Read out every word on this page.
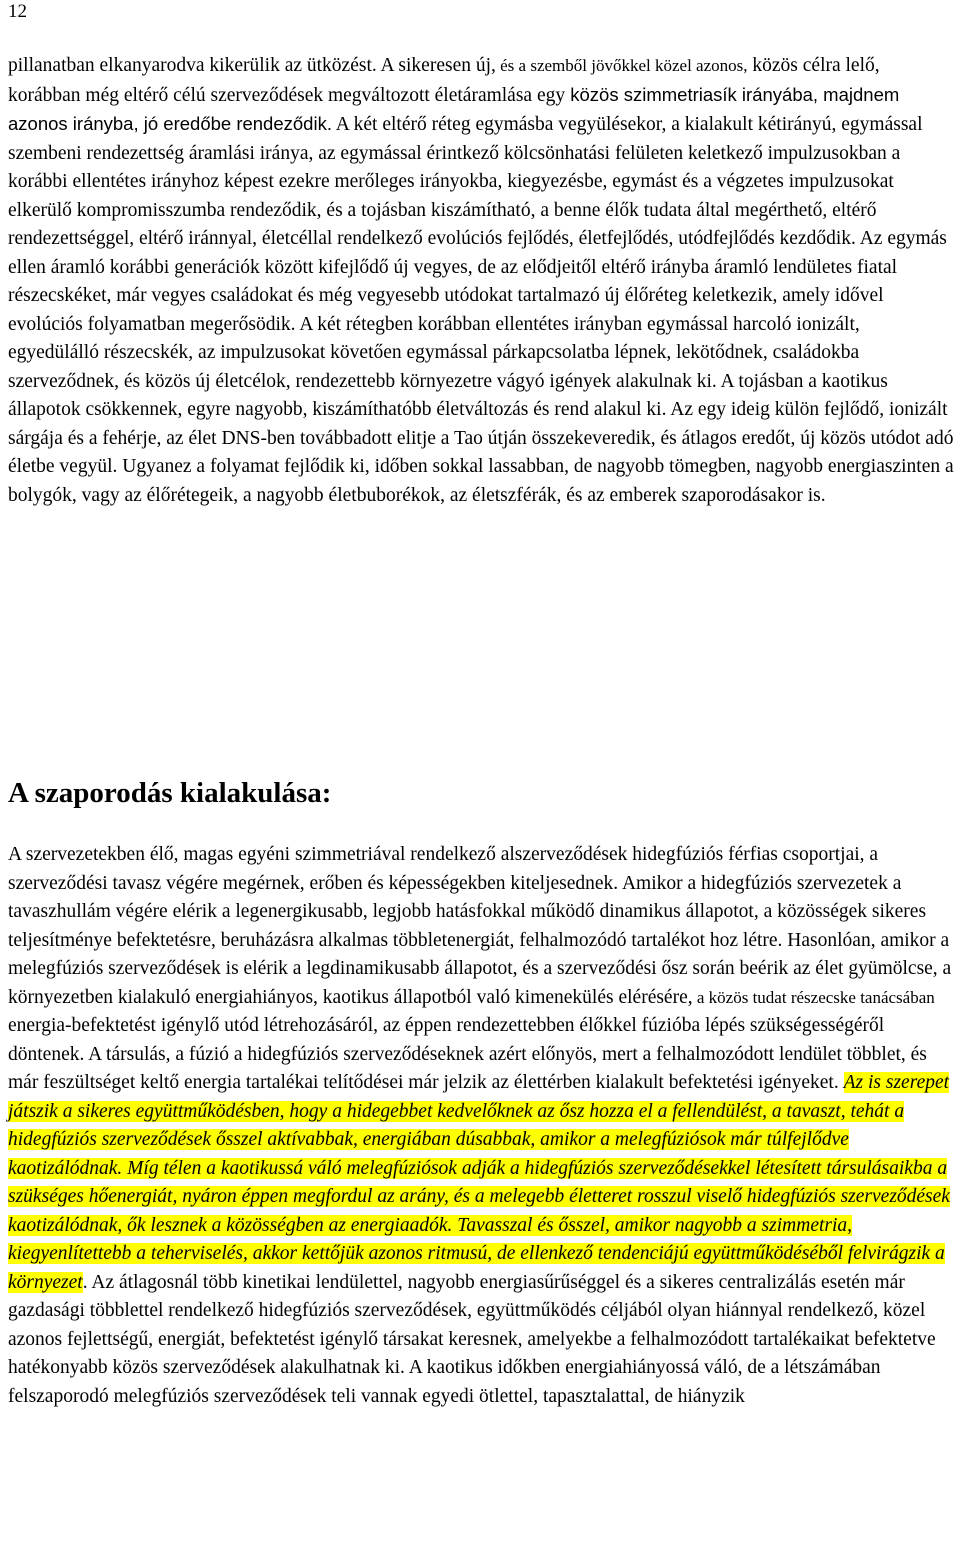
12
pillanatban elkanyarodva kikerülik az ütközést. A sikeresen új, és a szemből jövőkkel közel azonos, közös célra lelő, korábban még eltérő célú szerveződések megváltozott életáramlása egy közös szimmetriasík irányába, majdnem azonos irányba, jó eredőbe rendeződik. A két eltérő réteg egymásba vegyülésekor, a kialakult kétirányú, egymással szembeni rendezettség áramlási iránya, az egymással érintkező kölcsönhatási felületen keletkező impulzusokban a korábbi ellentétes irányhoz képest ezekre merőleges irányokba, kiegyezésbe, egymást és a végzetes impulzusokat elkerülő kompromisszumba rendeződik, és a tojásban kiszámítható, a benne élők tudata által megérthető, eltérő rendezettséggel, eltérő iránnyal, életcéllal rendelkező evolúciós fejlődés, életfejlődés, utódfejlődés kezdődik. Az egymás ellen áramló korábbi generációk között kifejlődő új vegyes, de az elődjeitől eltérő irányba áramló lendületes fiatal részecskéket, már vegyes családokat és még vegyesebb utódokat tartalmazó új élőréteg keletkezik, amely idővel evolúciós folyamatban megerősödik. A két rétegben korábban ellentétes irányban egymással harcoló ionizált, egyedülálló részecskék, az impulzusokat követően egymással párkapcsolatba lépnek, lekötődnek, családokba szerveződnek, és közös új életcélok, rendezettebb környezetre vágyó igények alakulnak ki. A tojásban a kaotikus állapotok csökkennek, egyre nagyobb, kiszámíthatóbb életváltozás és rend alakul ki. Az egy ideig külön fejlődő, ionizált sárgája és a fehérje, az élet DNS-ben továbbadott elitje a Tao útján összekeveredik, és átlagos eredőt, új közös utódot adó életbe vegyül. Ugyanez a folyamat fejlődik ki, időben sokkal lassabban, de nagyobb tömegben, nagyobb energiaszinten a bolygók, vagy az élőrétegeik, a nagyobb életbuborékok, az életszférák, és az emberek szaporodásakor is.
A szaporodás kialakulása:
A szervezetekben élő, magas egyéni szimmetriával rendelkező alszerveződések hidegfúziós férfias csoportjai, a szerveződési tavasz végére megérnek, erőben és képességekben kiteljesednek. Amikor a hidegfúziós szervezetek a tavaszhullám végére elérik a legenergikusabb, legjobb hatásfokkal működő dinamikus állapotot, a közösségek sikeres teljesítménye befektetésre, beruházásra alkalmas többletenergiát, felhalmozódó tartalékot hoz létre. Hasonlóan, amikor a melegfúziós szerveződések is elérik a legdinamikusabb állapotot, és a szerveződési ősz során beérik az élet gyümölcse, a környezetben kialakuló energiahiányos, kaotikus állapotból való kimenekülés elérésére, a közös tudat részecske tanácsában energia-befektetést igénylő utód létrehozásáról, az éppen rendezettebben élőkkel fúzióba lépés szükségességéről döntenek. A társulás, a fúzió a hidegfúziós szerveződéseknek azért előnyös, mert a felhalmozódott lendület többlet, és már feszültséget keltő energia tartalékai telítődései már jelzik az élettérben kialakult befektetési igényeket. Az is szerepet játszik a sikeres együttműködésben, hogy a hidegebbet kedvelőknek az ősz hozza el a fellendülést, a tavaszt, tehát a hidegfúziós szerveződések ősszel aktívabbak, energiában dúsabbak, amikor a melegfúziósok már túlfejlődve kaotizálódnak. Míg télen a kaotikussá váló melegfúziósok adják a hidegfúziós szerveződésekkel létesített társulásaikba a szükséges hőenergiát, nyáron éppen megfordul az arány, és a melegebb életteret rosszul viselő hidegfúziós szerveződések kaotizálódnak, ők lesznek a közösségben az energiaadók. Tavasszal és ősszel, amikor nagyobb a szimmetria, kiegyenlítettebb a teherviselés, akkor kettőjük azonos ritmusú, de ellenkező tendenciájú együttműködéséből felvirágzik a környezet. Az átlagosnál több kinetikai lendülettel, nagyobb energiasűrűséggel és a sikeres centralizálás esetén már gazdasági többlettel rendelkező hidegfúziós szerveződések, együttműködés céljából olyan hiánnyal rendelkező, közel azonos fejlettségű, energiát, befektetést igénylő társakat keresnek, amelyekbe a felhalmozódott tartalékaikat befektetve hatékonyabb közös szerveződések alakulhatnak ki. A kaotikus időkben energiahiányossá váló, de a létszámában felszaporodó melegfúziós szerveződések teli vannak egyedi ötlettel, tapasztalattal, de hiányzik
